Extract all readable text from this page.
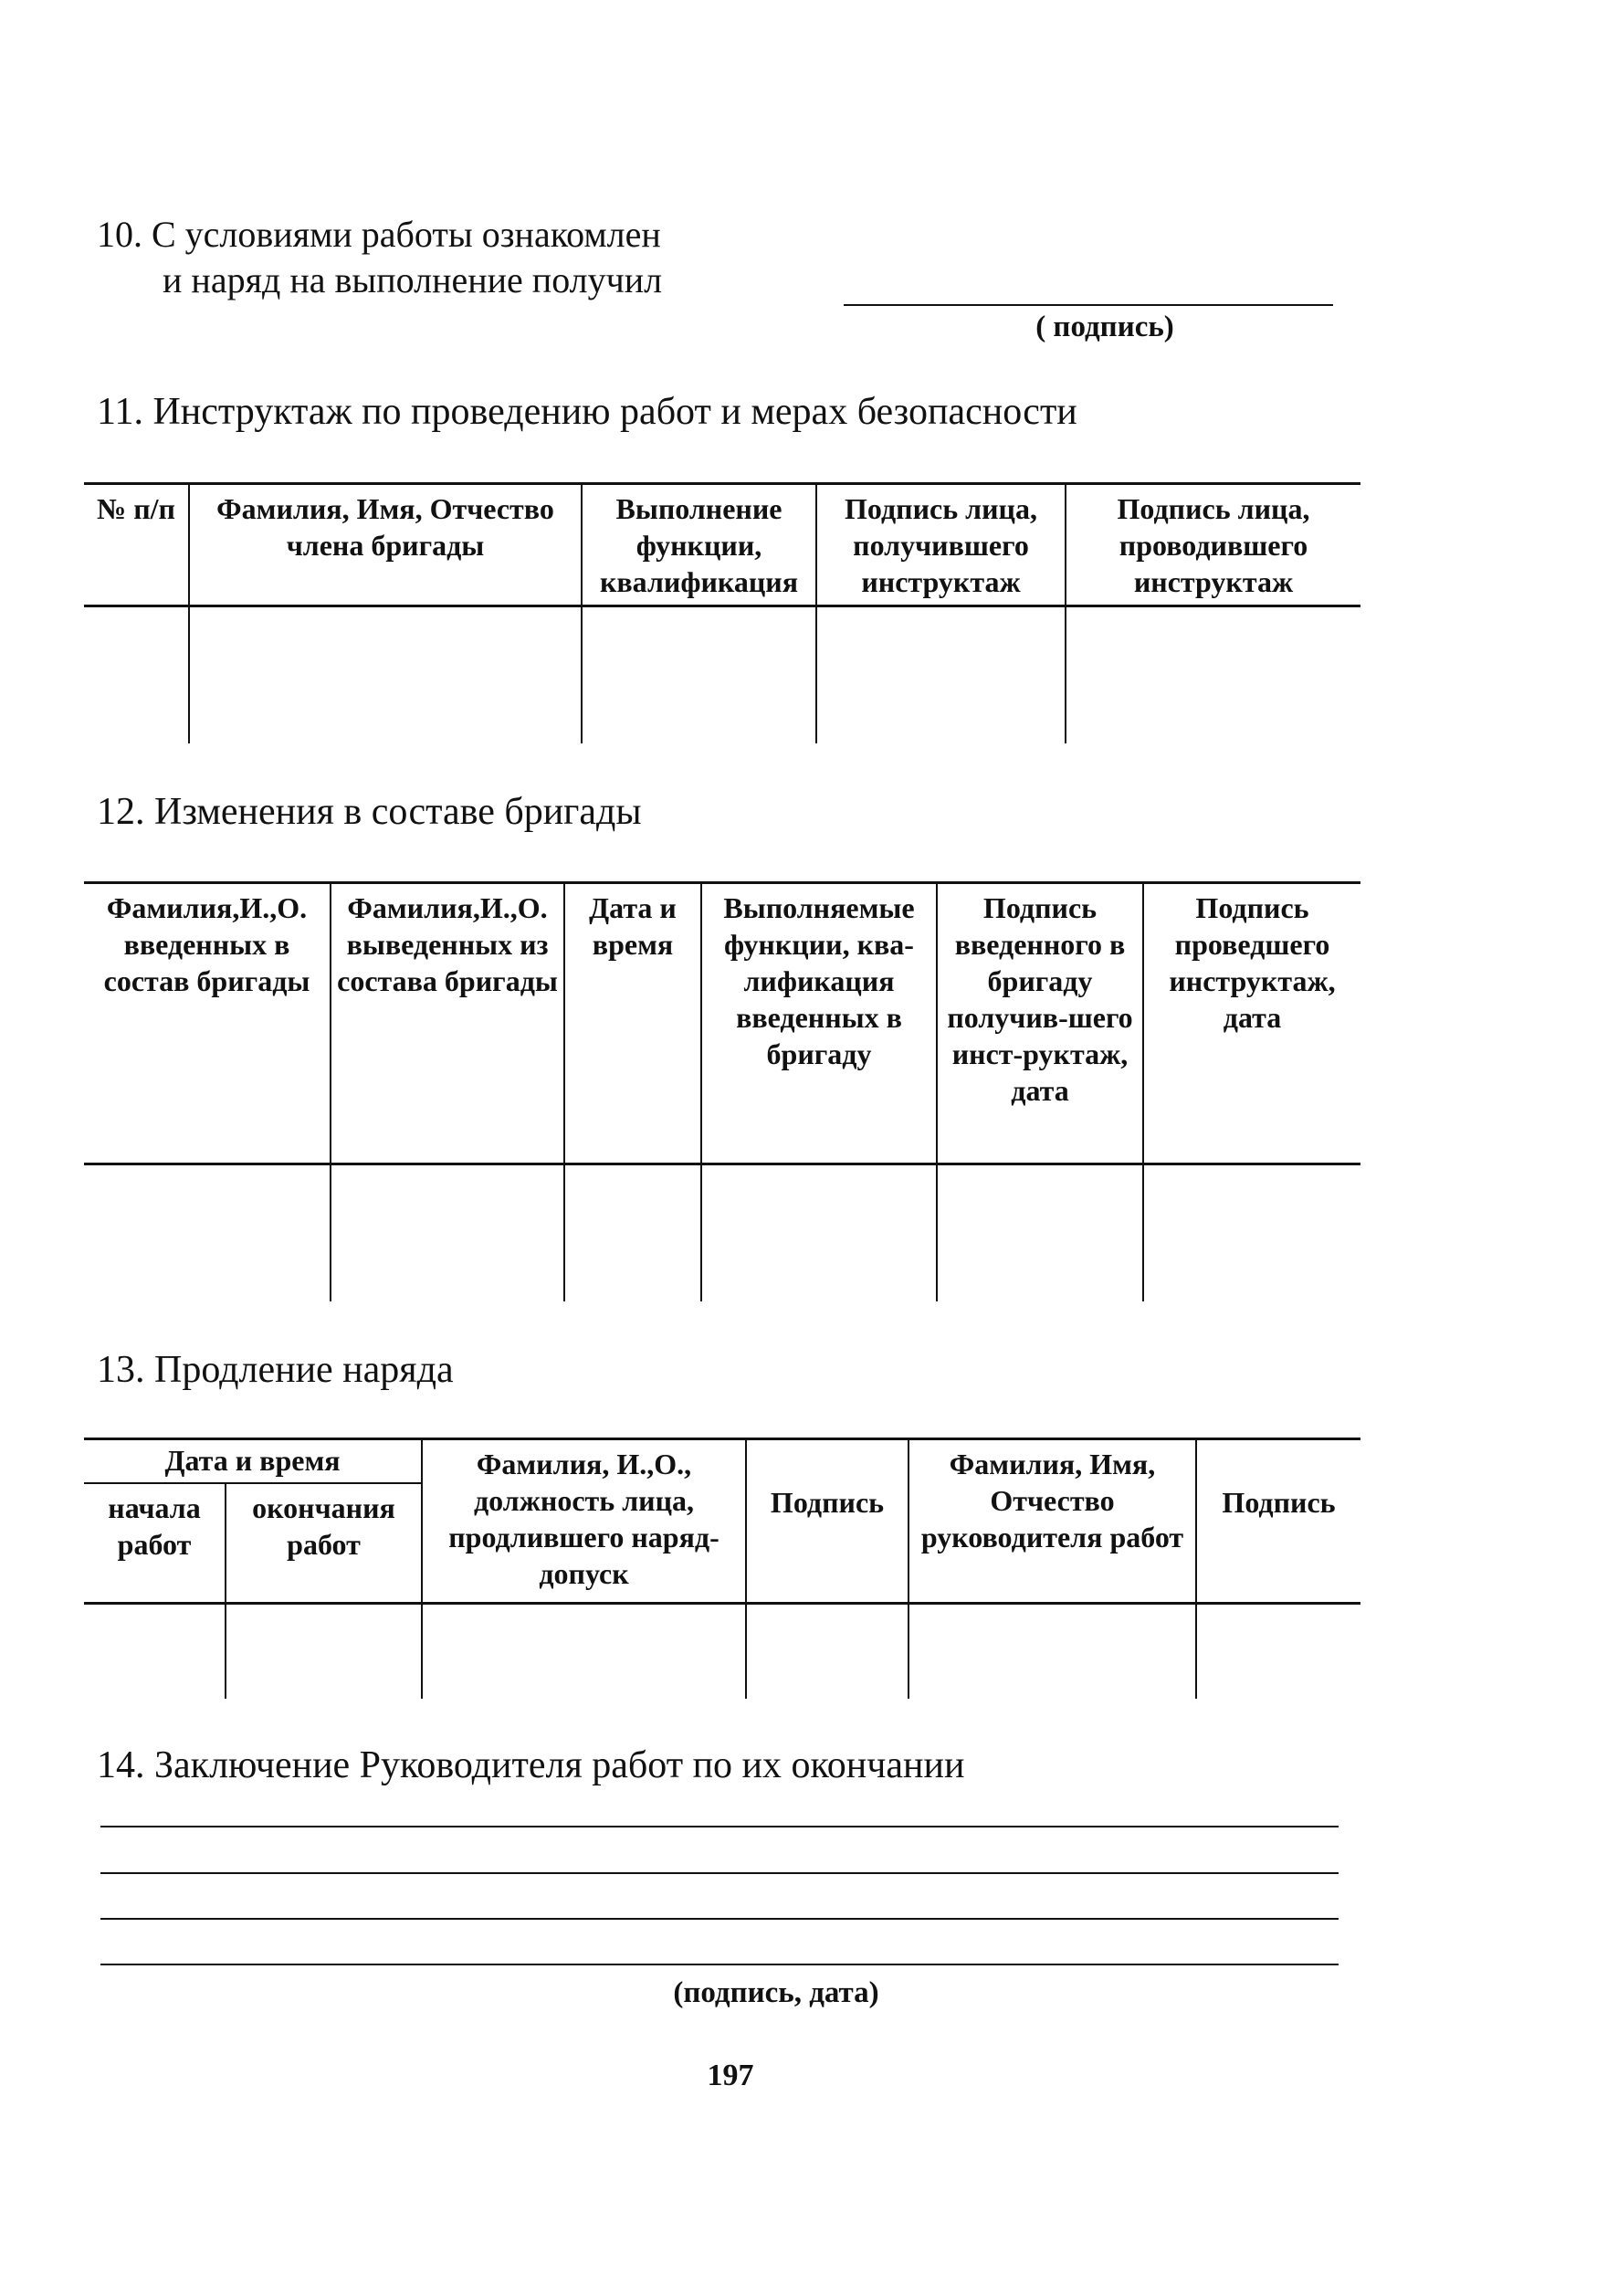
10. С условиями работы ознакомлен
и наряд на выполнение получил
( подпись)
11. Инструктаж по проведению работ и мерах безопасности
№ п/п	Фамилия, Имя, Отчество члена бригады	Выполнение функции, квалификация	Подпись лица, получившего инструктаж	Подпись лица, проводившего инструктаж

12. Изменения в составе бригады
Фамилия,И.,О. введенных в состав бригады	Фамилия,И.,О. выведенных из состава бригады	Дата и время	Выполняемые функции, ква-лификация введенных в бригаду	Подпись введенного в бригаду получив-шего инст-руктаж, дата	Подпись проведшего инструктаж, дата

13. Продление наряда
Дата и время		Фамилия, И.,О., должность лица, продлившего наряд-допуск	Подпись	Фамилия, Имя, Отчество руководителя работ	Подпись
начала работ	окончания работ				

14. Заключение Руководителя работ по их окончании
(подпись, дата)
197
